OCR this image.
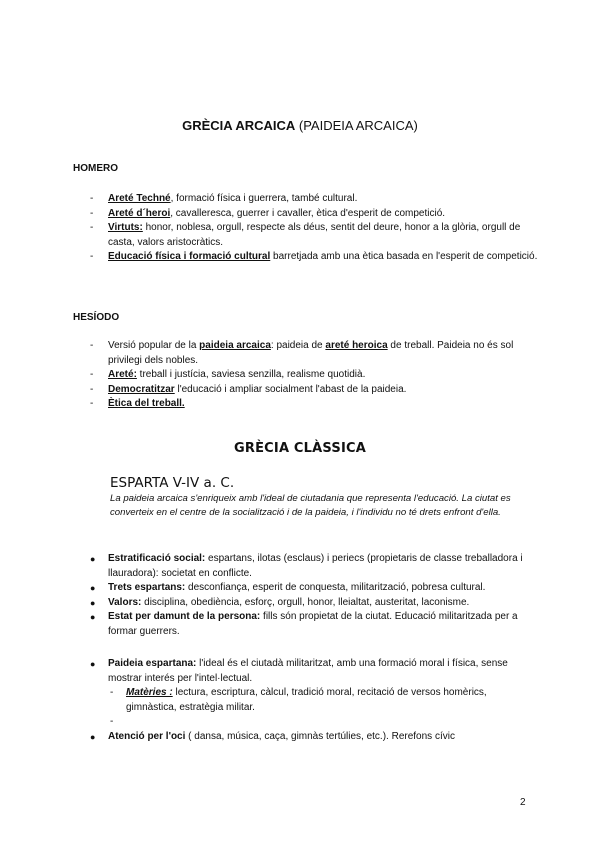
GRÈCIA ARCAICA (PAIDEIA ARCAICA)
HOMERO
- Areté Techné, formació física i guerrera, també cultural.
- Areté d´heroi, cavalleresca, guerrer i cavaller, ètica d'esperit de competició.
- Virtuts: honor, noblesa, orgull, respecte als déus, sentit del deure, honor a la glòria, orgull de casta, valors aristocràtics.
- Educació física i formació cultural barretjada amb una ètica basada en l'esperit de competició.
HESÍODO
- Versió popular de la paideia arcaica: paideia de areté heroica de treball. Paideia no és sol privilegi dels nobles.
- Areté: treball i justícia, saviesa senzilla, realisme quotidià.
- Democratitzar l'educació i ampliar socialment l'abast de la paideia.
- Ètica del treball.
GRÈCIA CLÀSSICA
ESPARTA V-IV a. C.
La paideia arcaica s'enriqueix amb l'ideal de ciutadania que representa l'educació. La ciutat es converteix en el centre de la socialització i de la paideia, i l'individu no té drets enfront d'ella.
● Estratificació social: espartans, ilotas (esclaus) i periecs (propietaris de classe treballadora i llauradora): societat en conflicte.
● Trets espartans: desconfiança, esperit de conquesta, militarització, pobresa cultural.
● Valors: disciplina, obediència, esforç, orgull, honor, lleialtat, austeritat, laconisme.
● Estat per damunt de la persona: fills són propietat de la ciutat. Educació militaritzada per a formar guerrers.
● Paideia espartana: l'ideal és el ciutadà militaritzat, amb una formació moral i física, sense mostrar interés per l'intel·lectual.
- Matèries : lectura, escriptura, càlcul, tradició moral, recitació de versos homèrics, gimnàstica, estratègia militar.
-

● Atenció per l'oci ( dansa, música, caça, gimnàs tertúlies, etc.). Rerefons cívic
2
